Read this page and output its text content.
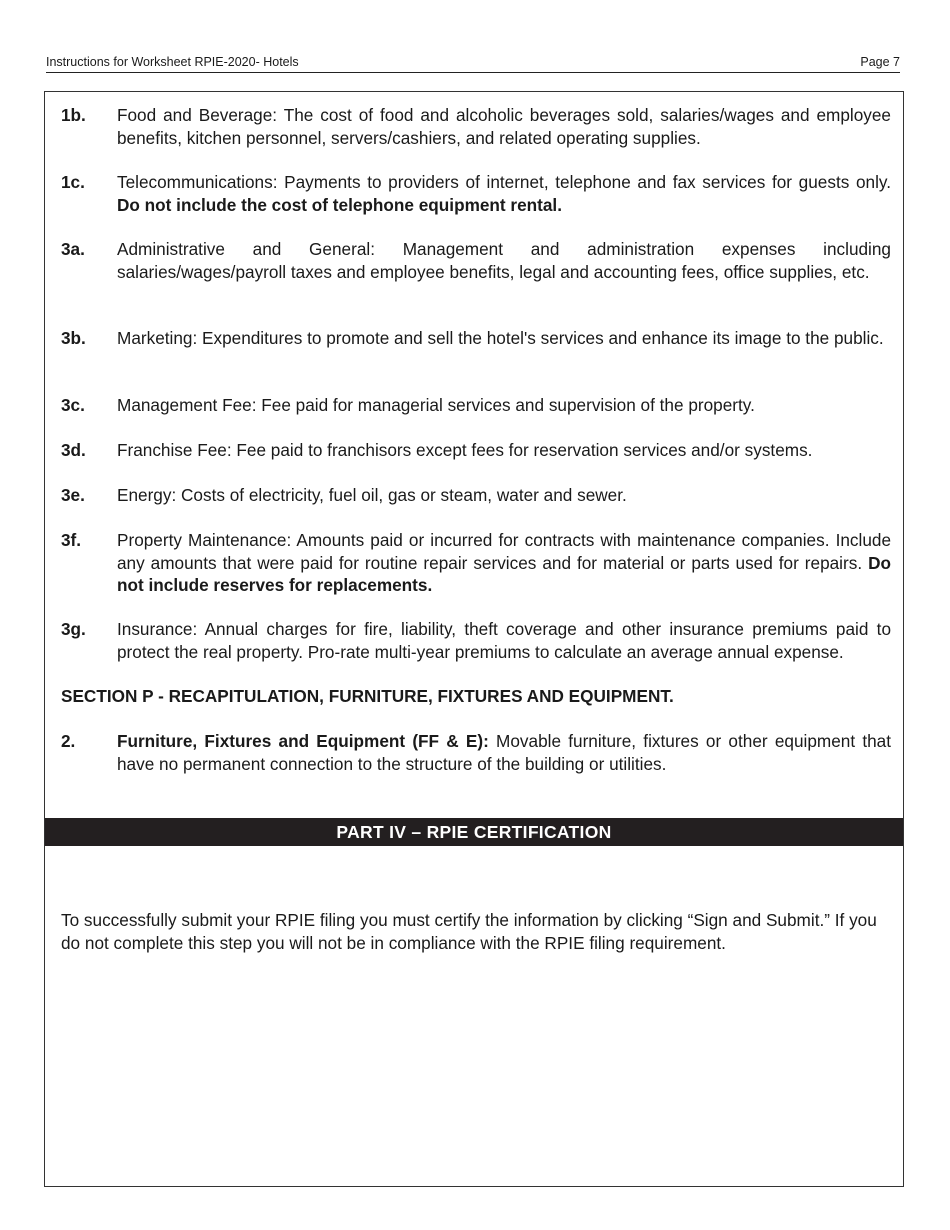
Instructions for Worksheet RPIE-2020- Hotels	Page 7
1b. Food and Beverage: The cost of food and alcoholic beverages sold, salaries/wages and employee benefits, kitchen personnel, servers/cashiers, and related operating supplies.
1c. Telecommunications: Payments to providers of internet, telephone and fax services for guests only. Do not include the cost of telephone equipment rental.
3a. Administrative and General: Management and administration expenses including salaries/wages/payroll taxes and employee benefits, legal and accounting fees, office supplies, etc.
3b. Marketing: Expenditures to promote and sell the hotel's services and enhance its image to the public.
3c. Management Fee: Fee paid for managerial services and supervision of the property.
3d. Franchise Fee: Fee paid to franchisors except fees for reservation services and/or systems.
3e. Energy: Costs of electricity, fuel oil, gas or steam, water and sewer.
3f. Property Maintenance: Amounts paid or incurred for contracts with maintenance companies. Include any amounts that were paid for routine repair services and for material or parts used for repairs. Do not include reserves for replacements.
3g. Insurance: Annual charges for fire, liability, theft coverage and other insurance premiums paid to protect the real property. Pro-rate multi-year premiums to calculate an average annual expense.
SECTION P - RECAPITULATION, FURNITURE, FIXTURES AND EQUIPMENT.
2. Furniture, Fixtures and Equipment (FF & E): Movable furniture, fixtures or other equipment that have no permanent connection to the structure of the building or utilities.
PART IV – RPIE CERTIFICATION
To successfully submit your RPIE filing you must certify the information by clicking “Sign and Submit.” If you do not complete this step you will not be in compliance with the RPIE filing requirement.
